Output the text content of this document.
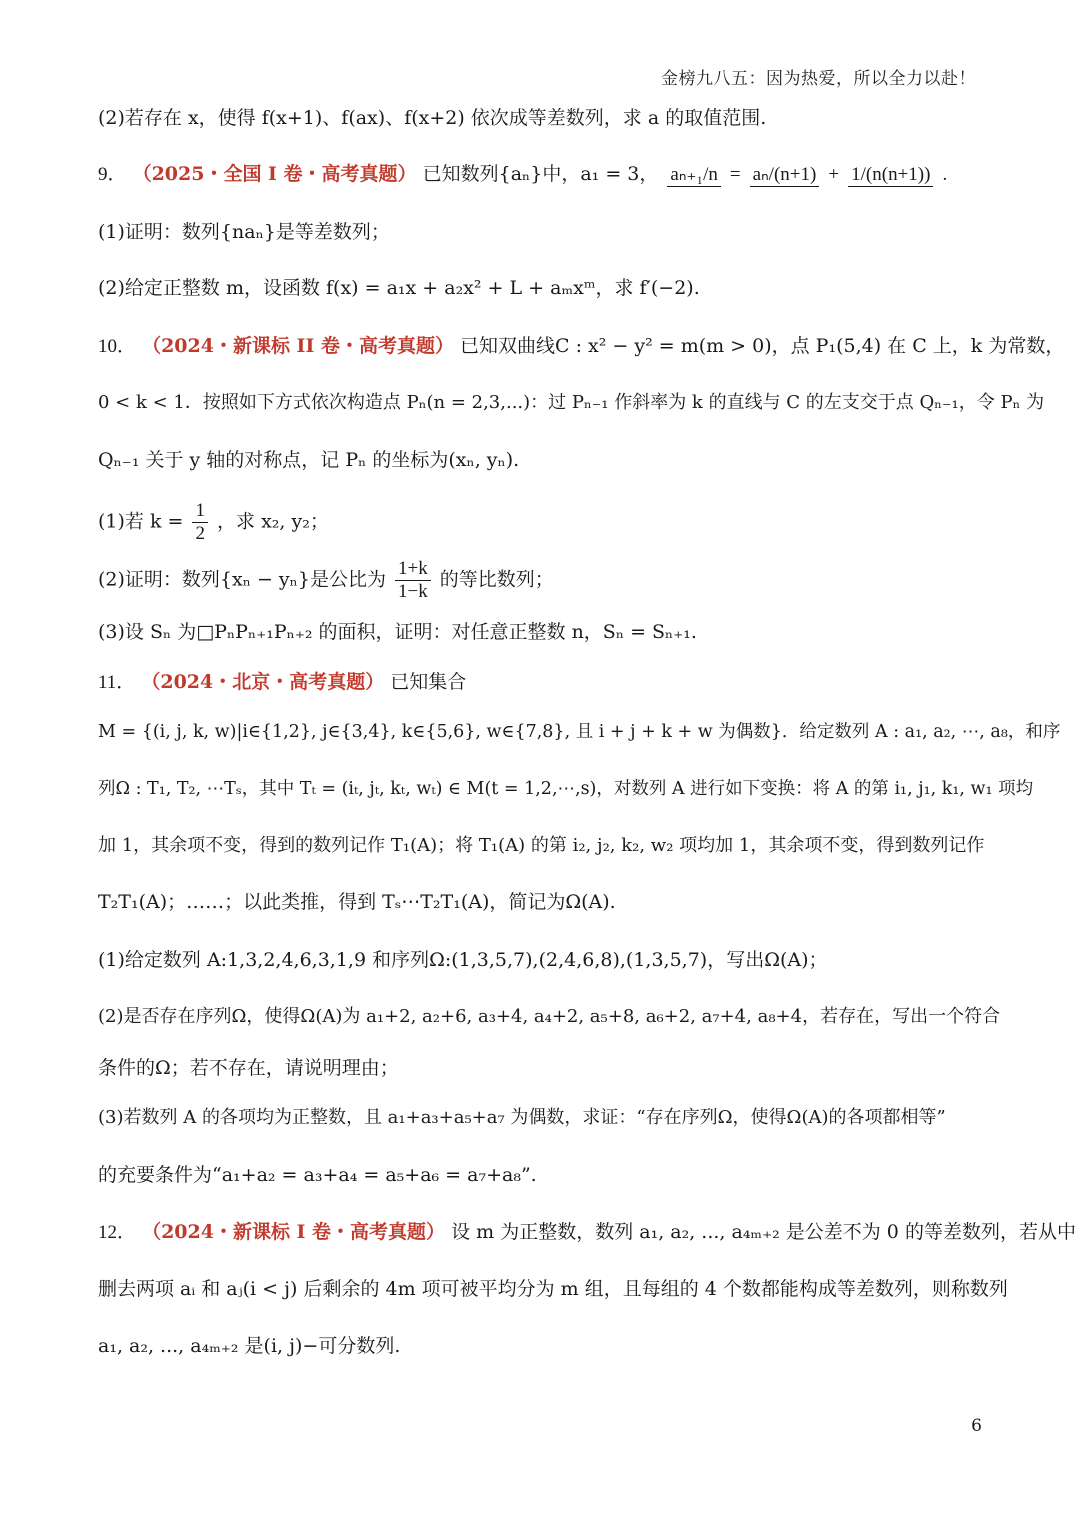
金榜九八五：因为热爱，所以全力以赴！
(2)若存在 x，使得 f(x+1)、f(ax)、f(x+2) 依次成等差数列，求 a 的取值范围.
9． （2025・全国 I 卷・高考真题） 已知数列{aₙ}中，a₁ = 3， aₙ₊₁/n = aₙ/(n+1) + 1/(n(n+1)) .
(1)证明：数列{naₙ}是等差数列；
(2)给定正整数 m，设函数 f(x) = a₁x + a₂x² + L + aₘxᵐ，求 f′(−2).
10． （2024・新课标 II 卷・高考真题） 已知双曲线C : x² − y² = m(m > 0)，点 P₁(5,4) 在 C 上，k 为常数，
0 < k < 1．按照如下方式依次构造点 Pₙ(n = 2,3,...)：过 Pₙ₋₁ 作斜率为 k 的直线与 C 的左支交于点 Qₙ₋₁，令 Pₙ 为
Qₙ₋₁ 关于 y 轴的对称点，记 Pₙ 的坐标为(xₙ, yₙ).
(1)若 $k = \frac{1}{2}$ ，求 x₂, y₂；
(2)证明：数列{xₙ − yₙ}是公比为 $\frac{1+k}{1-k}$ 的等比数列；
(3)设 Sₙ 为□PₙPₙ₊₁Pₙ₊₂ 的面积，证明：对任意正整数 n，Sₙ = Sₙ₊₁.
11． （2024・北京・高考真题） 已知集合
M = {(i, j, k, w)|i∈{1,2}, j∈{3,4}, k∈{5,6}, w∈{7,8}, 且 i + j + k + w 为偶数}．给定数列 A : a₁, a₂, ⋯, a₈，和序
列Ω : T₁, T₂, ⋯Tₛ，其中 Tₜ = (iₜ, jₜ, kₜ, wₜ) ∈ M(t = 1,2,⋯,s)，对数列 A 进行如下变换：将 A 的第 i₁, j₁, k₁, w₁ 项均
加 1，其余项不变，得到的数列记作 T₁(A)；将 T₁(A) 的第 i₂, j₂, k₂, w₂ 项均加 1，其余项不变，得到数列记作
T₂T₁(A)；……；以此类推，得到 Tₛ⋯T₂T₁(A)，简记为Ω(A).
(1)给定数列 A:1,3,2,4,6,3,1,9 和序列Ω:(1,3,5,7),(2,4,6,8),(1,3,5,7)，写出Ω(A)；
(2)是否存在序列Ω，使得Ω(A)为 a₁+2, a₂+6, a₃+4, a₄+2, a₅+8, a₆+2, a₇+4, a₈+4，若存在，写出一个符合
条件的Ω；若不存在，请说明理由；
(3)若数列 A 的各项均为正整数，且 a₁+a₃+a₅+a₇ 为偶数，求证：“存在序列Ω，使得Ω(A)的各项都相等”
的充要条件为“a₁+a₂ = a₃+a₄ = a₅+a₆ = a₇+a₈”.
12． （2024・新课标 I 卷・高考真题） 设 m 为正整数，数列 a₁, a₂, ..., a₄ₘ₊₂ 是公差不为 0 的等差数列，若从中
删去两项 aᵢ 和 aⱼ(i < j) 后剩余的 4m 项可被平均分为 m 组，且每组的 4 个数都能构成等差数列，则称数列
a₁, a₂, ..., a₄ₘ₊₂ 是(i, j)−可分数列.
6
